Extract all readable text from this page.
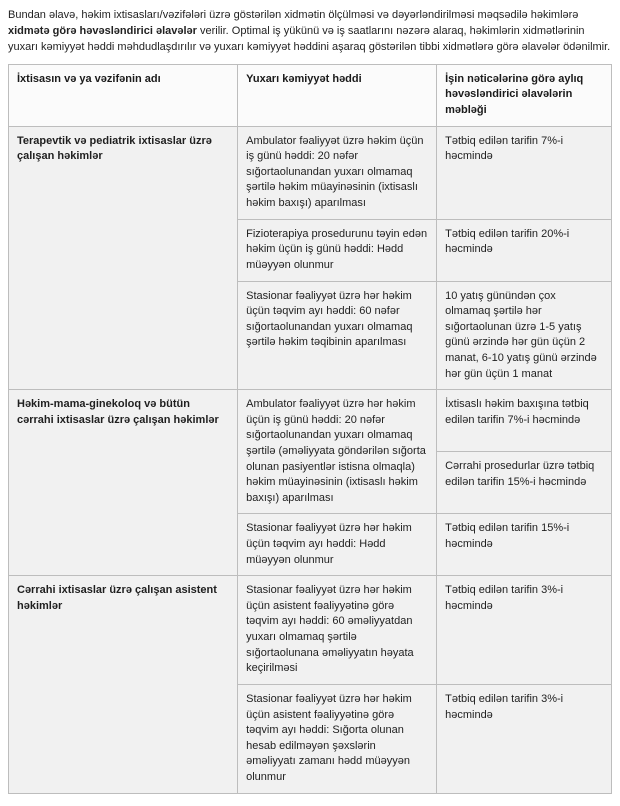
Bundan əlavə, həkim ixtisasları/vəzifələri üzrə göstərilən xidmətin ölçülməsi və dəyərləndirilməsi məqsədilə həkimlərə xidmətə görə həvəsləndirici əlavələr verilir. Optimal iş yükünü və iş saatlarını nəzərə alaraq, həkimlərin xidmətlərinin yuxarı kəmiyyət həddi məhdudlaşdırılır və yuxarı kəmiyyət həddini aşaraq göstərilən tibbi xidmətlərə görə əlavələr ödənilmir.

İxtisasın və ya vəzifənin adı	Yuxarı kəmiyyət həddi	İşin nəticələrinə görə aylıq həvəsləndirici əlavələrin məbləği
Terapevtik və pediatrik ixtisaslar üzrə çalışan həkimlər	Ambulator fəaliyyət üzrə həkim üçün iş günü həddi: 20 nəfər sığortaolunandan yuxarı olmamaq şərtilə həkim müayinəsinin (ixtisaslı həkim baxışı) aparılması	Tətbiq edilən tarifin 7%-i həcmində
	Fizioterapiya prosedurunu təyin edən həkim üçün iş günü həddi: Hədd müəyyən olunmur	Tətbiq edilən tarifin 20%-i həcmində
	Stasionar fəaliyyət üzrə hər həkim üçün təqvim ayı həddi: 60 nəfər sığortaolunandan yuxarı olmamaq şərtilə həkim təqibinin aparılması	10 yatış günündən çox olmamaq şərtilə hər sığortaolunan üzrə 1-5 yatış günü ərzində hər gün üçün 2 manat, 6-10 yatış günü ərzində hər gün üçün 1 manat
Həkim-mama-ginekoloq və bütün cərrahi ixtisaslar üzrə çalışan həkimlər	Ambulator fəaliyyət üzrə hər həkim üçün iş günü həddi: 20 nəfər sığortaolunandan yuxarı olmamaq şərtilə (əməliyyata göndərilən sığorta olunan pasiyentlər istisna olmaqla) həkim müayinəsinin (ixtisaslı həkim baxışı) aparılması	İxtisaslı həkim baxışına tətbiq edilən tarifin 7%-i həcmində
		Cərrahi prosedurlar üzrə tətbiq edilən tarifin 15%-i həcmində
	Stasionar fəaliyyət üzrə hər həkim üçün təqvim ayı həddi: Hədd müəyyən olunmur	Tətbiq edilən tarifin 15%-i həcmində
Cərrahi ixtisaslar üzrə çalışan asistent həkimlər	Stasionar fəaliyyət üzrə hər həkim üçün asistent fəaliyyətinə görə təqvim ayı həddi: 60 əməliyyatdan yuxarı olmamaq şərtilə sığortaolunana əməliyyatın həyata keçirilməsi	Tətbiq edilən tarifin 3%-i həcmində
	Stasionar fəaliyyət üzrə hər həkim üçün asistent fəaliyyətinə görə təqvim ayı həddi: Sığorta olunan hesab edilməyən şəxslərin əməliyyatı zamanı hədd müəyyən olunmur	Tətbiq edilən tarifin 3%-i həcmində
